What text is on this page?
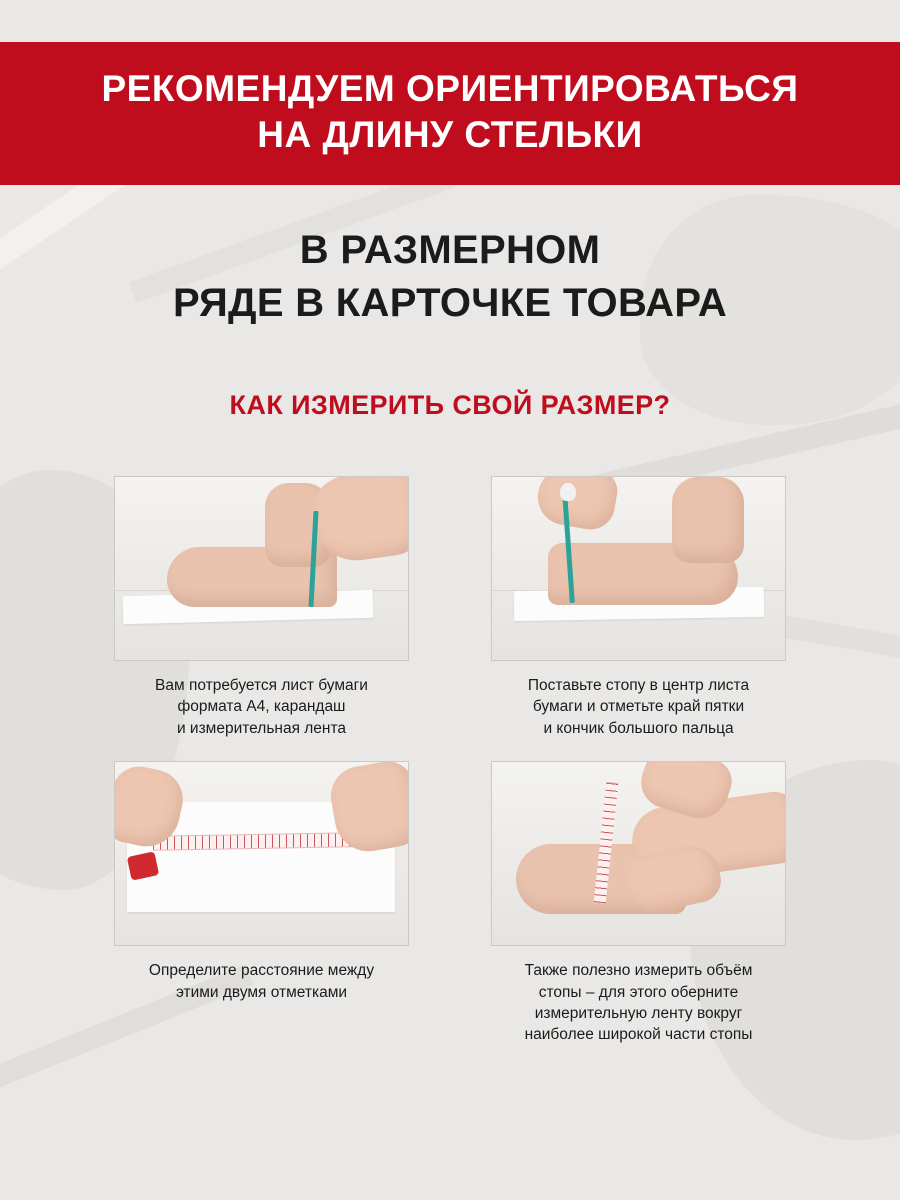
РЕКОМЕНДУЕМ ОРИЕНТИРОВАТЬСЯ
НА ДЛИНУ СТЕЛЬКИ
В РАЗМЕРНОМ
РЯДЕ В КАРТОЧКЕ ТОВАРА
КАК ИЗМЕРИТЬ СВОЙ РАЗМЕР?
Вам потребуется лист бумаги
формата А4, карандаш
и измерительная лента
Поставьте стопу в центр листа
бумаги и отметьте край пятки
и кончик большого пальца
Определите расстояние между
этими двумя отметками
Также полезно измерить объём
стопы – для этого оберните
измерительную ленту вокруг
наиболее широкой части стопы
